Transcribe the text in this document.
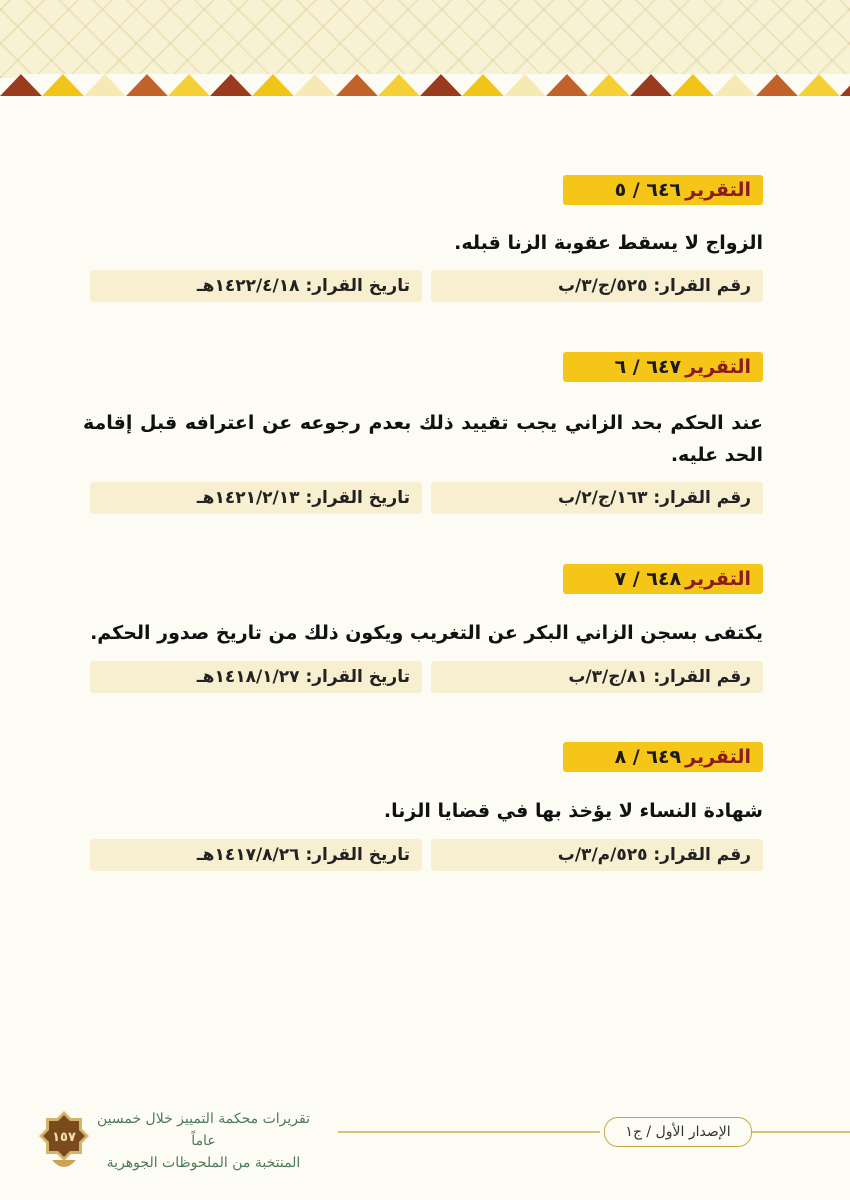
التقرير
٦٤٦ / ٥

الزواج لا يسقط عقوبة الزنا قبله.

رقم القرار: ٥٢٥/ج/٣/ب
تاريخ القرار: ١٤٢٢/٤/١٨هـ
التقرير
٦٤٧ / ٦

عند الحكم بحد الزاني يجب تقييد ذلك بعدم رجوعه عن اعترافه قبل إقامة الحد عليه.

رقم القرار: ١٦٣/ج/٢/ب
تاريخ القرار: ١٤٢١/٢/١٣هـ
التقرير
٦٤٨ / ٧

يكتفى بسجن الزاني البكر عن التغريب ويكون ذلك من تاريخ صدور الحكم.

رقم القرار: ٨١/ج/٣/ب
تاريخ القرار: ١٤١٨/١/٢٧هـ
التقرير
٦٤٩ / ٨

شهادة النساء لا يؤخذ بها في قضايا الزنا.

رقم القرار: ٥٢٥/م/٣/ب
تاريخ القرار: ١٤١٧/٨/٢٦هـ
الإصدار الأول / ج١
تقريرات محكمة التمييز خلال خمسين عاماً
المنتخبة من الملحوظات الجوهرية
١٥٧
